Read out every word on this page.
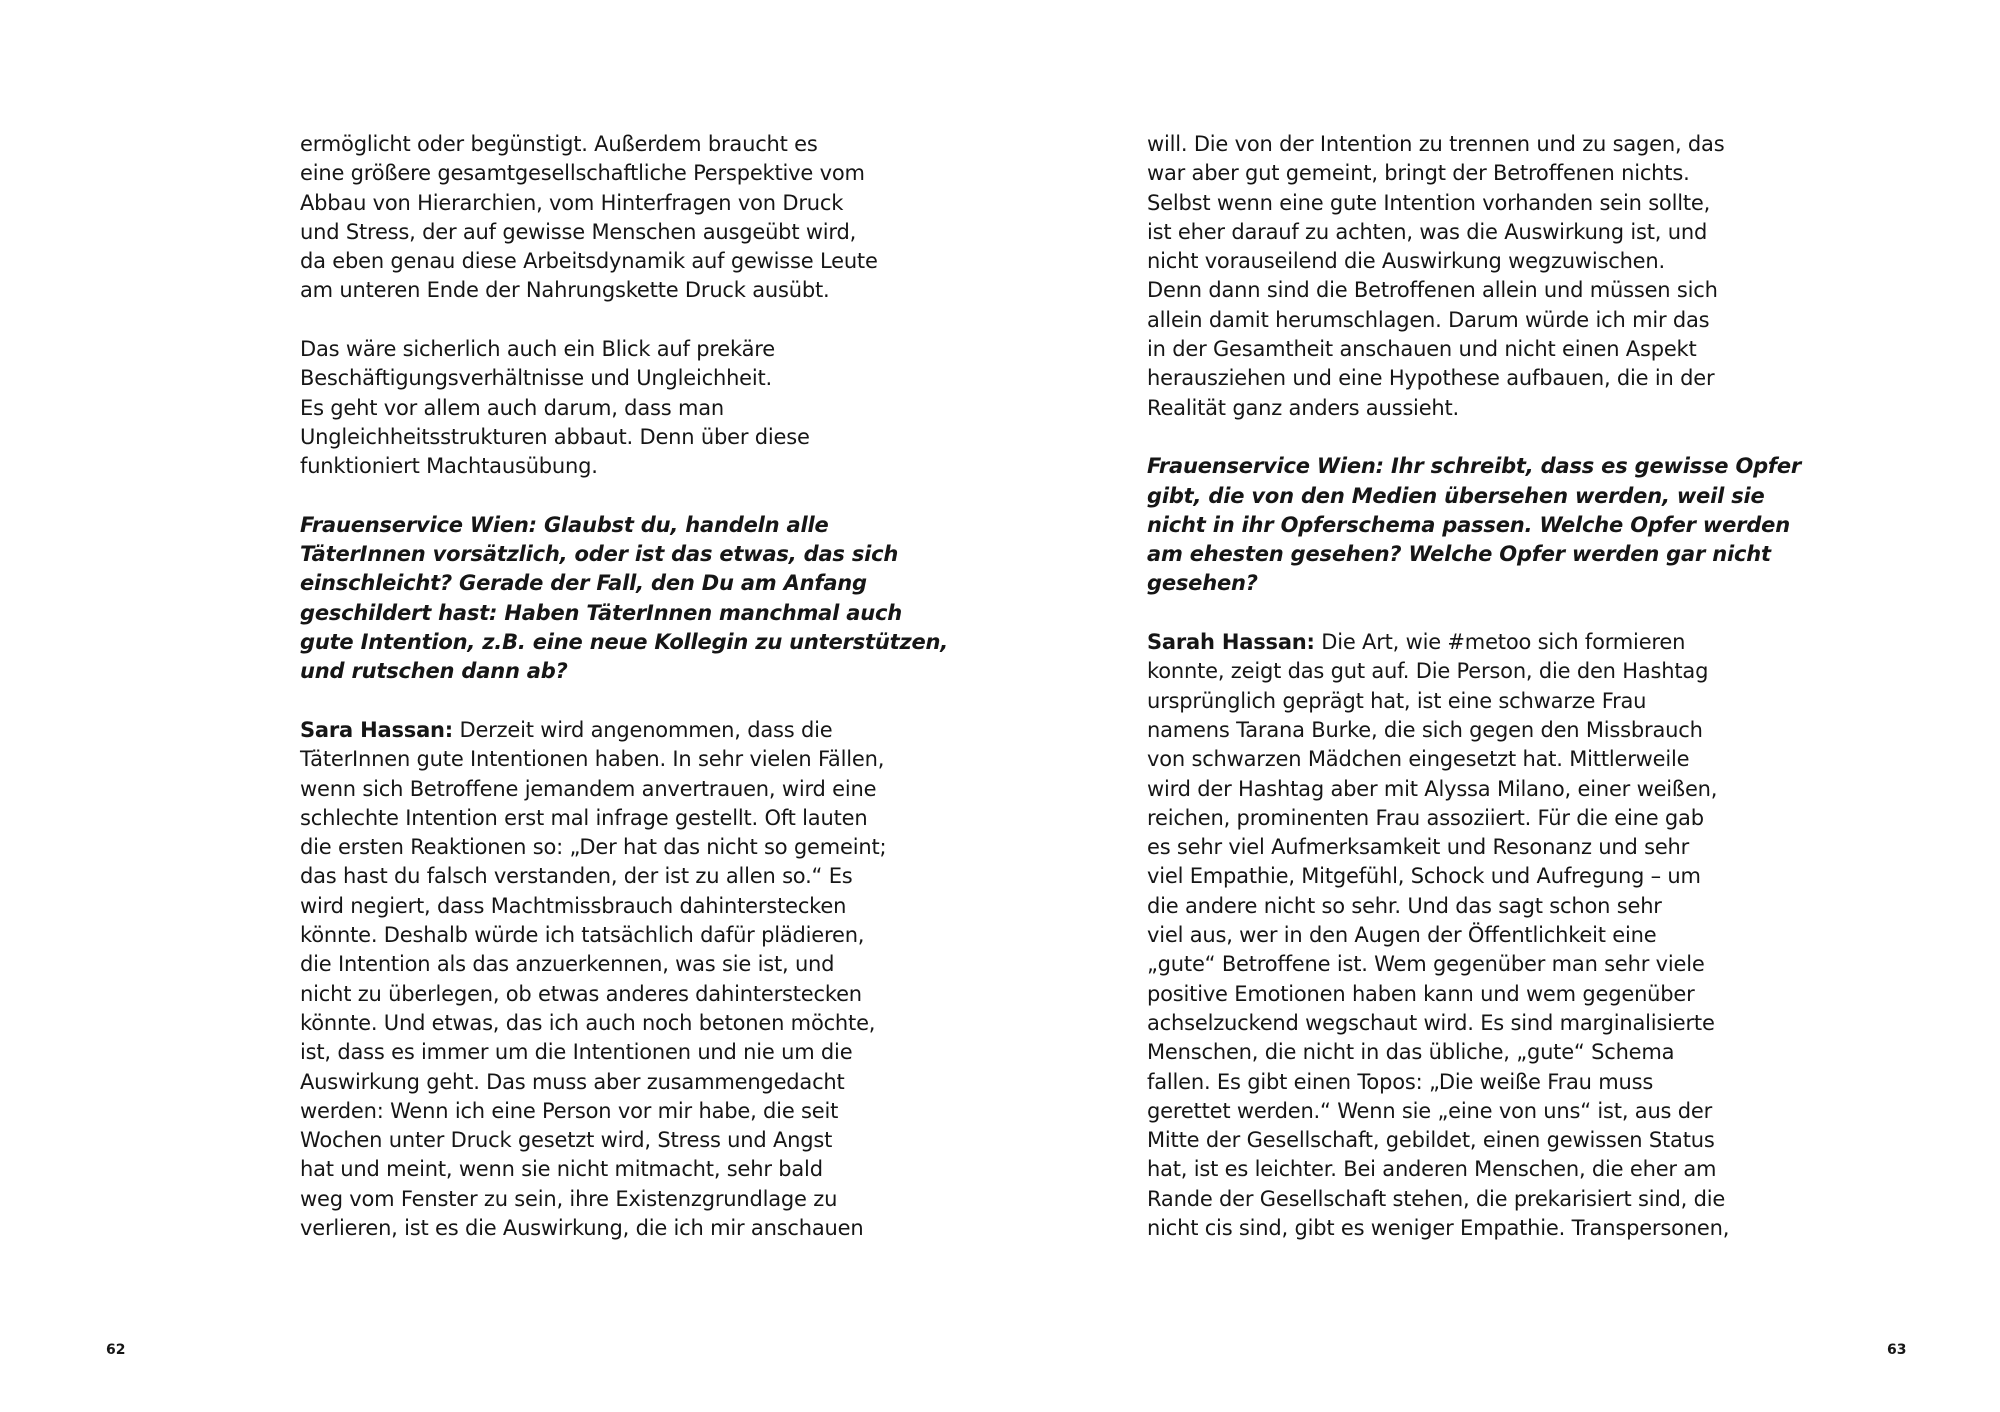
ermöglicht oder begünstigt. Außerdem braucht es
eine größere gesamtgesellschaftliche Perspektive vom
Abbau von Hierarchien, vom Hinterfragen von Druck
und Stress, der auf gewisse Menschen ausgeübt wird,
da eben genau diese Arbeitsdynamik auf gewisse Leute
am unteren Ende der Nahrungskette Druck ausübt.
Das wäre sicherlich auch ein Blick auf prekäre
Beschäftigungsverhältnisse und Ungleichheit.
Es geht vor allem auch darum, dass man
Ungleichheitsstrukturen abbaut. Denn über diese
funktioniert Machtausübung.
Frauenservice Wien: Glaubst du, handeln alle
TäterInnen vorsätzlich, oder ist das etwas, das sich
einschleicht? Gerade der Fall, den Du am Anfang
geschildert hast: Haben TäterInnen manchmal auch
gute Intention, z.B. eine neue Kollegin zu unterstützen,
und rutschen dann ab?
Sara Hassan: Derzeit wird angenommen, dass die
TäterInnen gute Intentionen haben. In sehr vielen Fällen,
wenn sich Betroffene jemandem anvertrauen, wird eine
schlechte Intention erst mal infrage gestellt. Oft lauten
die ersten Reaktionen so: „Der hat das nicht so gemeint;
das hast du falsch verstanden, der ist zu allen so.“ Es
wird negiert, dass Machtmissbrauch dahinterstecken
könnte. Deshalb würde ich tatsächlich dafür plädieren,
die Intention als das anzuerkennen, was sie ist, und
nicht zu überlegen, ob etwas anderes dahinterstecken
könnte. Und etwas, das ich auch noch betonen möchte,
ist, dass es immer um die Intentionen und nie um die
Auswirkung geht. Das muss aber zusammengedacht
werden: Wenn ich eine Person vor mir habe, die seit
Wochen unter Druck gesetzt wird, Stress und Angst
hat und meint, wenn sie nicht mitmacht, sehr bald
weg vom Fenster zu sein, ihre Existenzgrundlage zu
verlieren, ist es die Auswirkung, die ich mir anschauen
62
will. Die von der Intention zu trennen und zu sagen, das
war aber gut gemeint, bringt der Betroffenen nichts.
Selbst wenn eine gute Intention vorhanden sein sollte,
ist eher darauf zu achten, was die Auswirkung ist, und
nicht vorauseilend die Auswirkung wegzuwischen.
Denn dann sind die Betroffenen allein und müssen sich
allein damit herumschlagen. Darum würde ich mir das
in der Gesamtheit anschauen und nicht einen Aspekt
herausziehen und eine Hypothese aufbauen, die in der
Realität ganz anders aussieht.
Frauenservice Wien: Ihr schreibt, dass es gewisse Opfer
gibt, die von den Medien übersehen werden, weil sie
nicht in ihr Opferschema passen. Welche Opfer werden
am ehesten gesehen? Welche Opfer werden gar nicht
gesehen?
Sarah Hassan: Die Art, wie #metoo sich formieren
konnte, zeigt das gut auf. Die Person, die den Hashtag
ursprünglich geprägt hat, ist eine schwarze Frau
namens Tarana Burke, die sich gegen den Missbrauch
von schwarzen Mädchen eingesetzt hat. Mittlerweile
wird der Hashtag aber mit Alyssa Milano, einer weißen,
reichen, prominenten Frau assoziiert. Für die eine gab
es sehr viel Aufmerksamkeit und Resonanz und sehr
viel Empathie, Mitgefühl, Schock und Aufregung – um
die andere nicht so sehr. Und das sagt schon sehr
viel aus, wer in den Augen der Öffentlichkeit eine
„gute“ Betroffene ist. Wem gegenüber man sehr viele
positive Emotionen haben kann und wem gegenüber
achselzuckend wegschaut wird. Es sind marginalisierte
Menschen, die nicht in das übliche, „gute“ Schema
fallen. Es gibt einen Topos: „Die weiße Frau muss
gerettet werden.“ Wenn sie „eine von uns“ ist, aus der
Mitte der Gesellschaft, gebildet, einen gewissen Status
hat, ist es leichter. Bei anderen Menschen, die eher am
Rande der Gesellschaft stehen, die prekarisiert sind, die
nicht cis sind, gibt es weniger Empathie. Transpersonen,
63
